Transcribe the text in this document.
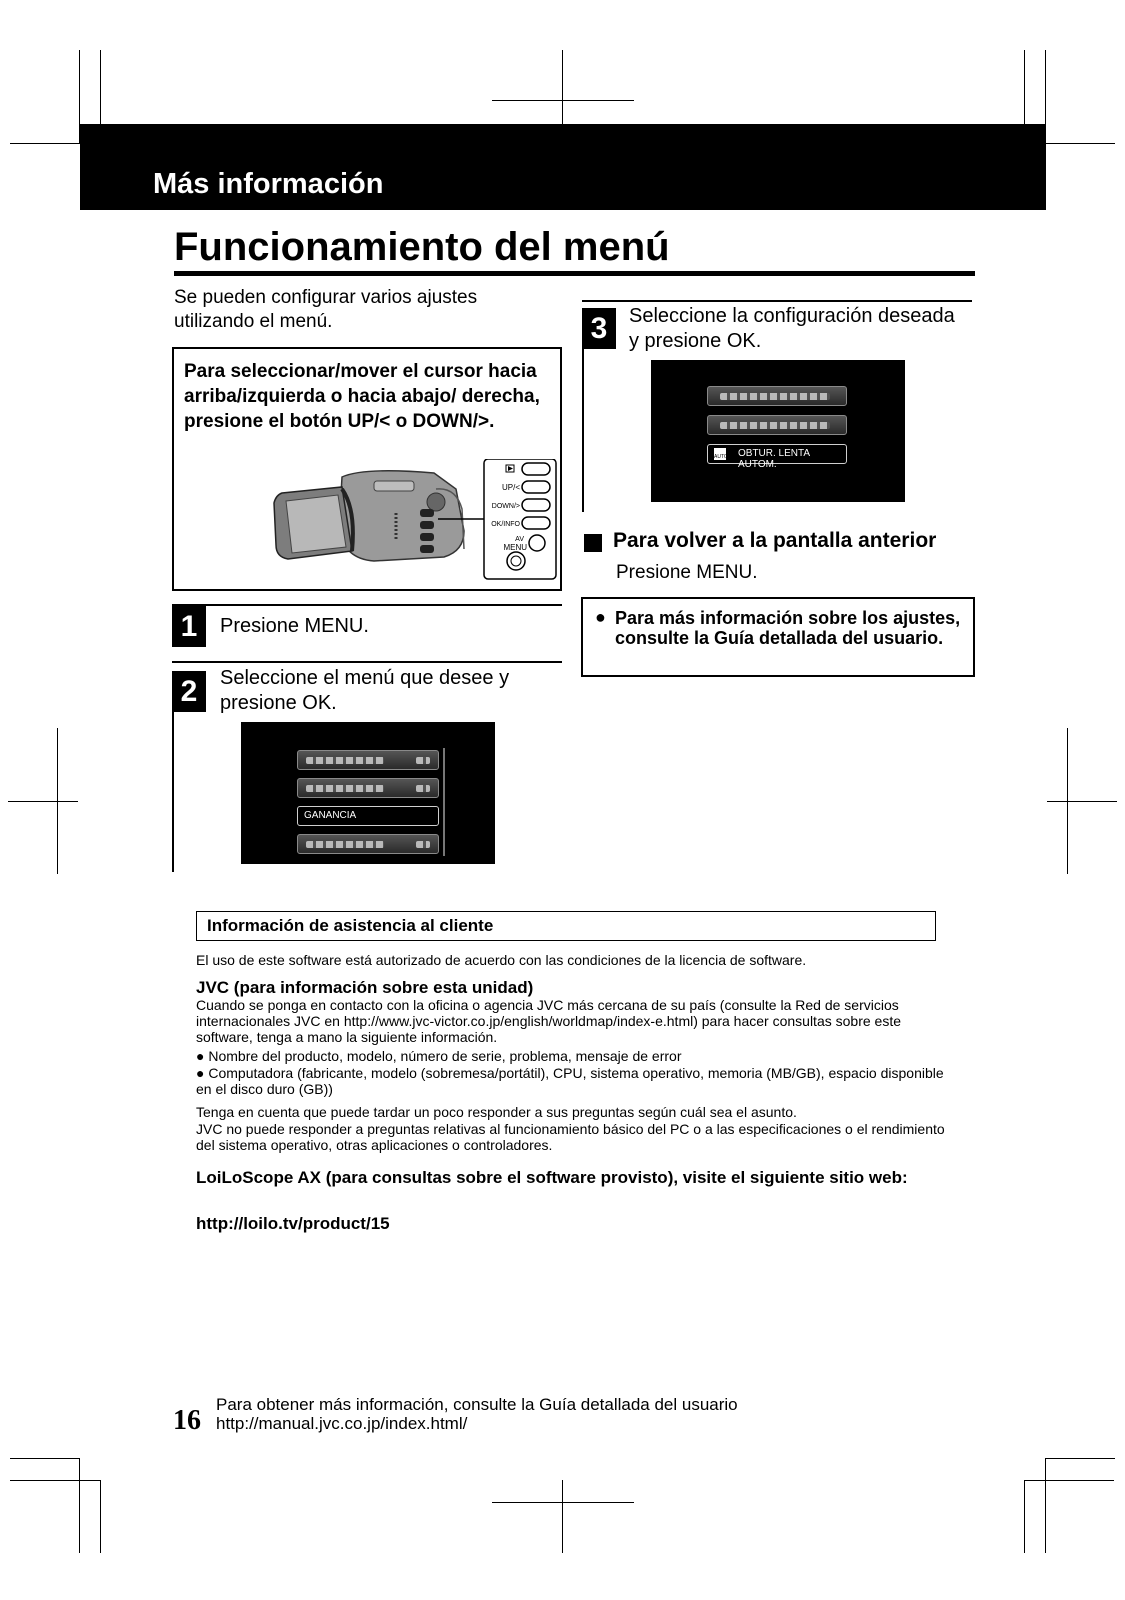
Más información
Funcionamiento del menú
Se pueden configurar varios ajustes utilizando el menú.
Para seleccionar/mover el cursor hacia arriba/izquierda o hacia abajo/ derecha, presione el botón UP/< o DOWN/>.
UP/<
DOWN/>
OK/INFO
AV
MENU
1	Presione MENU.
2	Seleccione el menú que desee y presione OK.
GANANCIA
3	Seleccione la configuración deseada y presione OK.
AUTO OBTUR. LENTA AUTOM.
Para volver a la pantalla anterior
Presione MENU.
● Para más información sobre los ajustes, consulte la Guía detallada del usuario.
Información de asistencia al cliente
El uso de este software está autorizado de acuerdo con las condiciones de la licencia de software.
JVC (para información sobre esta unidad)
Cuando se ponga en contacto con la oficina o agencia JVC más cercana de su país (consulte la Red de servicios internacionales JVC en http://www.jvc-victor.co.jp/english/worldmap/index-e.html) para hacer consultas sobre este software, tenga a mano la siguiente información.
● Nombre del producto, modelo, número de serie, problema, mensaje de error
● Computadora (fabricante, modelo (sobremesa/portátil), CPU, sistema operativo, memoria (MB/GB), espacio disponible en el disco duro (GB))
Tenga en cuenta que puede tardar un poco responder a sus preguntas según cuál sea el asunto.
JVC no puede responder a preguntas relativas al funcionamiento básico del PC o a las especificaciones o el rendimiento del sistema operativo, otras aplicaciones o controladores.
LoiLoScope AX (para consultas sobre el software provisto), visite el siguiente sitio web:
http://loilo.tv/product/15
16
Para obtener más información, consulte la Guía detallada del usuario
http://manual.jvc.co.jp/index.html/
